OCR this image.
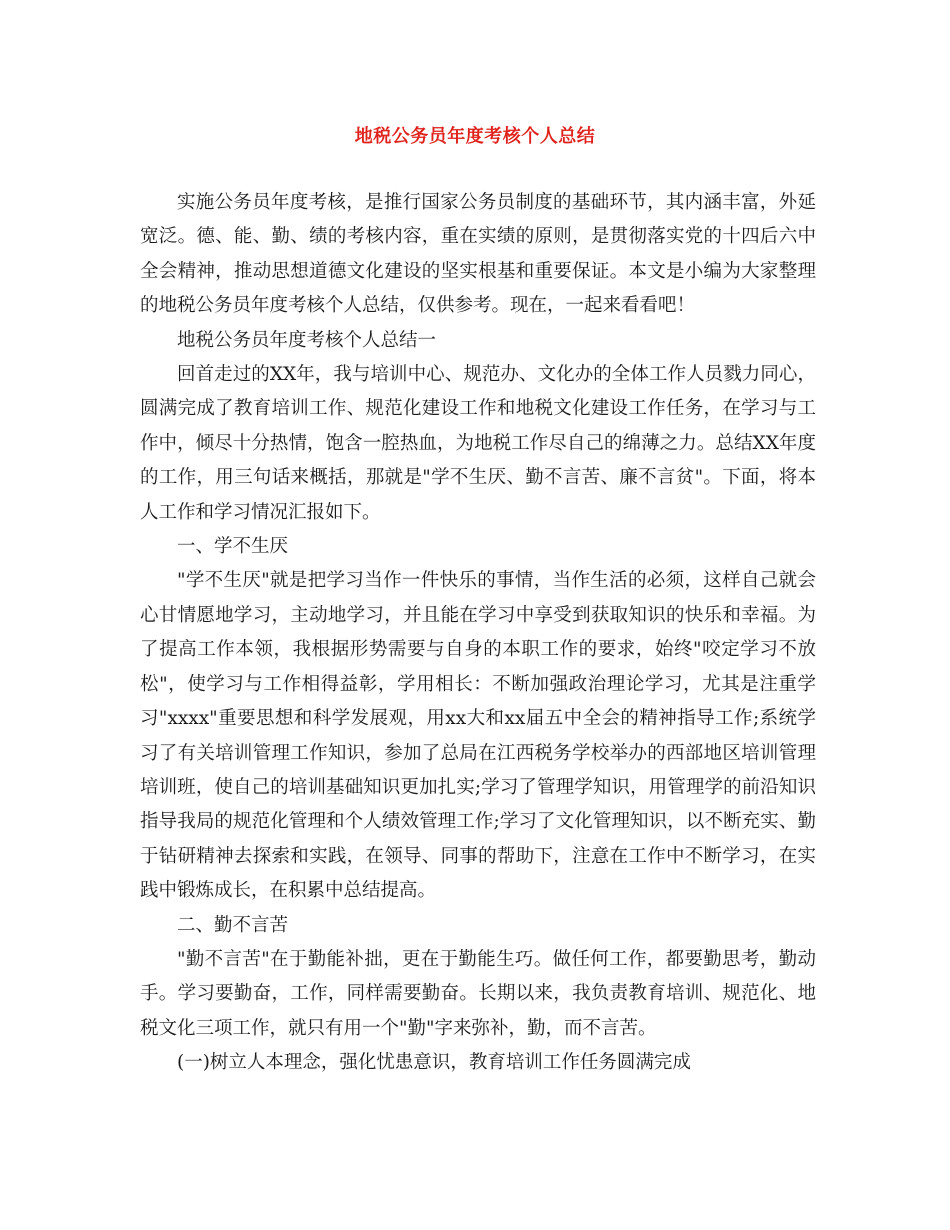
地税公务员年度考核个人总结

实施公务员年度考核，是推行国家公务员制度的基础环节，其内涵丰富，外延宽泛。德、能、勤、绩的考核内容，重在实绩的原则，是贯彻落实党的十四后六中全会精神，推动思想道德文化建设的坚实根基和重要保证。本文是小编为大家整理的地税公务员年度考核个人总结，仅供参考。现在，一起来看看吧！

地税公务员年度考核个人总结一

回首走过的XX年，我与培训中心、规范办、文化办的全体工作人员戮力同心，圆满完成了教育培训工作、规范化建设工作和地税文化建设工作任务，在学习与工作中，倾尽十分热情，饱含一腔热血，为地税工作尽自己的绵薄之力。总结XX年度的工作，用三句话来概括，那就是"学不生厌、勤不言苦、廉不言贫"。下面，将本人工作和学习情况汇报如下。

一、学不生厌

"学不生厌"就是把学习当作一件快乐的事情，当作生活的必须，这样自己就会心甘情愿地学习，主动地学习，并且能在学习中享受到获取知识的快乐和幸福。为了提高工作本领，我根据形势需要与自身的本职工作的要求，始终"咬定学习不放松"，使学习与工作相得益彰，学用相长：不断加强政治理论学习，尤其是注重学习"xxxx"重要思想和科学发展观，用xx大和xx届五中全会的精神指导工作;系统学习了有关培训管理工作知识，参加了总局在江西税务学校举办的西部地区培训管理培训班，使自己的培训基础知识更加扎实;学习了管理学知识，用管理学的前沿知识指导我局的规范化管理和个人绩效管理工作;学习了文化管理知识，以不断充实、勤于钻研精神去探索和实践，在领导、同事的帮助下，注意在工作中不断学习，在实践中锻炼成长，在积累中总结提高。

二、勤不言苦

"勤不言苦"在于勤能补拙，更在于勤能生巧。做任何工作，都要勤思考，勤动手。学习要勤奋，工作，同样需要勤奋。长期以来，我负责教育培训、规范化、地税文化三项工作，就只有用一个"勤"字来弥补，勤，而不言苦。

(一)树立人本理念，强化忧患意识，教育培训工作任务圆满完成
